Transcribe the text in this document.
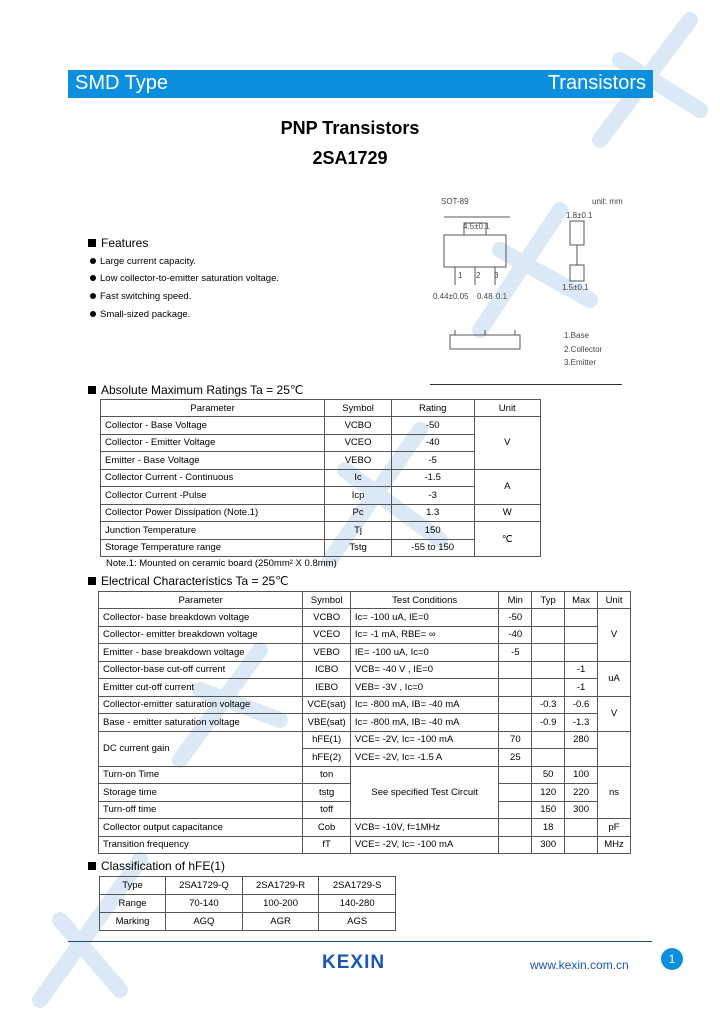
SMD Type	Transistors
PNP Transistors
2SA1729
Features
Large current capacity.
Low collector-to-emitter saturation voltage.
Fast switching speed.
Small-sized package.
SOT-89	unit: mm
4.5±0.1
1.8±0.1
0.44±0.05 0.48 0.1
1.5±0.1
1 2 3
1.Base
2.Collector
3.Emitter
Absolute Maximum Ratings Ta = 25℃
Parameter	Symbol	Rating	Unit
Collector - Base Voltage	VCBO	-50	V
Collector - Emitter Voltage	VCEO	-40	
Emitter - Base Voltage	VEBO	-5	
Collector Current - Continuous	Ic	-1.5	A
Collector Current -Pulse	Icp	-3	
Collector Power Dissipation (Note.1)	Pc	1.3	W
Junction Temperature	Tj	150	℃
Storage Temperature range	Tstg	-55 to 150	
Note.1: Mounted on ceramic board (250mm² X 0.8mm)
Electrical Characteristics Ta = 25℃
Parameter	Symbol	Test Conditions	Min	Typ	Max	Unit
Collector- base breakdown voltage	VCBO	Ic= -100 uA, IE=0	-50			V
Collector- emitter breakdown voltage	VCEO	Ic= -1 mA, RBE= ∞	-40			
Emitter - base breakdown voltage	VEBO	IE= -100 uA, Ic=0	-5			
Collector-base cut-off current	ICBO	VCB= -40 V , IE=0			-1	uA
Emitter cut-off current	IEBO	VEB= -3V , Ic=0			-1	
Collector-emitter saturation voltage	VCE(sat)	Ic= -800 mA, IB= -40 mA		-0.3	-0.6	V
Base - emitter saturation voltage	VBE(sat)	Ic= -800 mA, IB= -40 mA		-0.9	-1.3	
DC current gain	hFE(1)	VCE= -2V, Ic= -100 mA	70		280	
	hFE(2)	VCE= -2V, Ic= -1.5 A	25			
Turn-on Time	ton	See specified Test Circuit		50	100	ns
Storage time	tstg			120	220	
Turn-off time	toff			150	300	
Collector output capacitance	Cob	VCB= -10V, f=1MHz		18		pF
Transition frequency	fT	VCE= -2V, Ic= -100 mA		300		MHz
Classification of hFE(1)
Type	2SA1729-Q	2SA1729-R	2SA1729-S
Range	70-140	100-200	140-280
Marking	AGQ	AGR	AGS
KEXIN	www.kexin.com.cn	1
